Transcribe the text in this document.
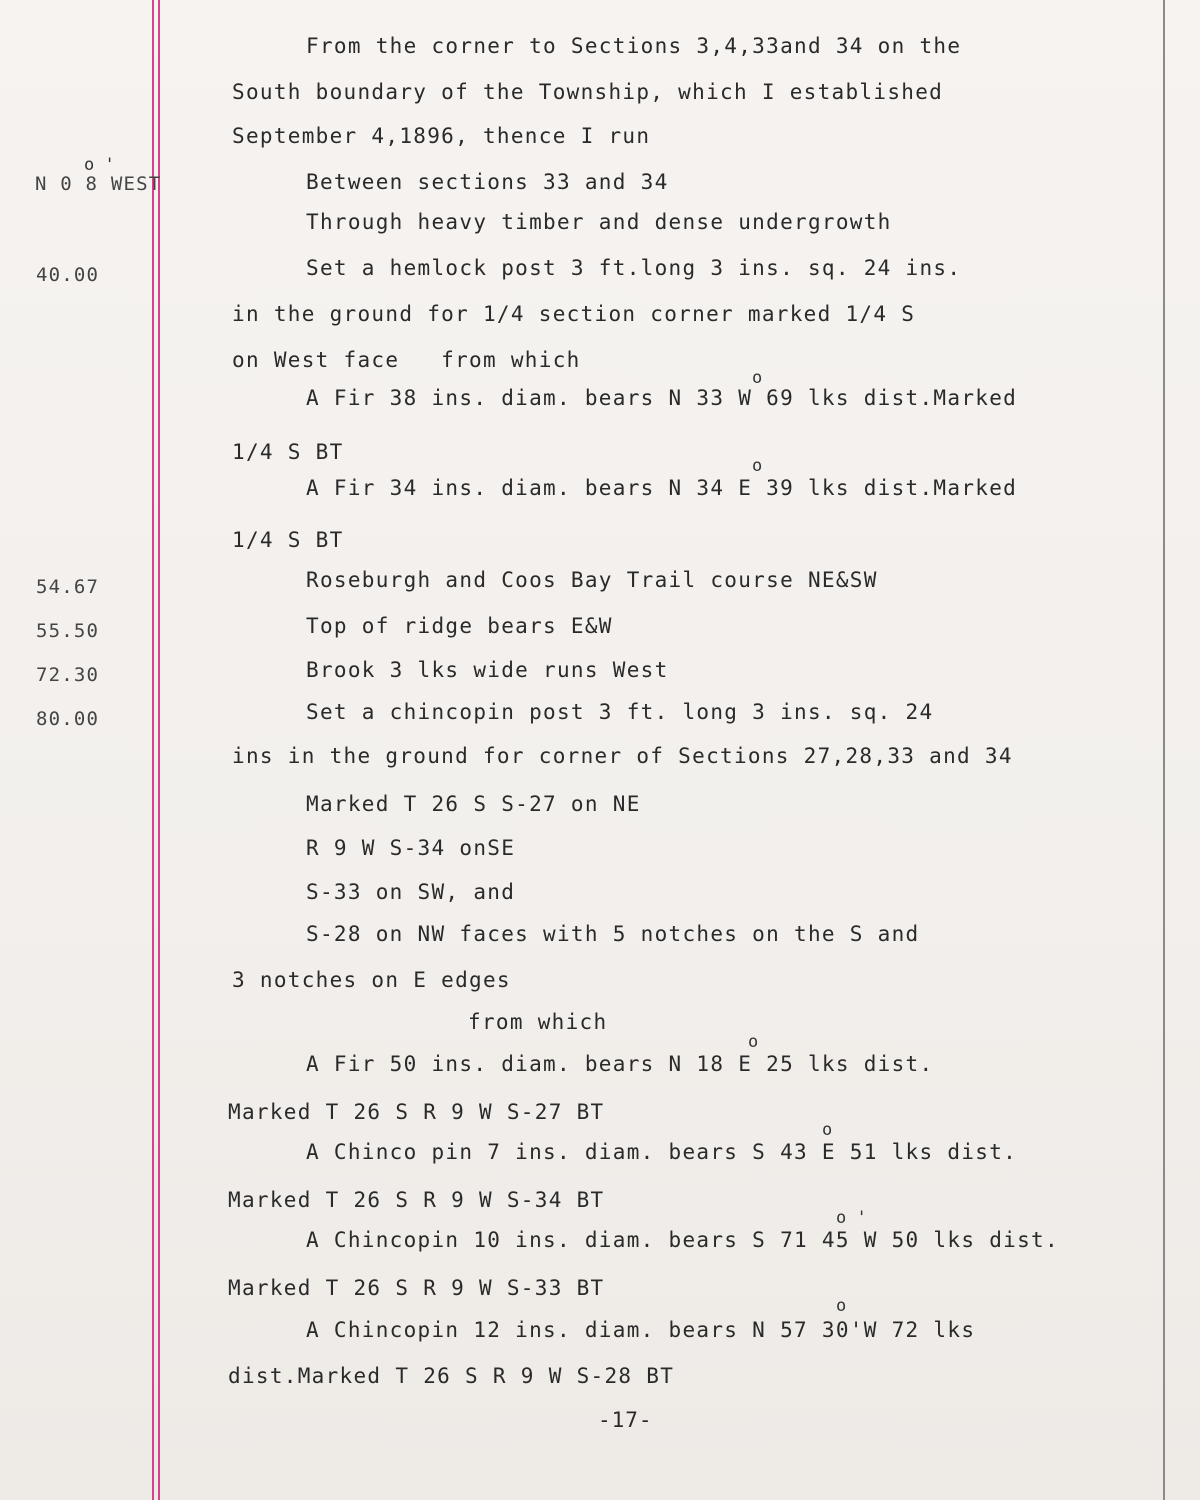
N 0 8 WEST
o '
40.00
54.67
55.50
72.30
80.00
From the corner to Sections 3,4,33and 34 on the
South boundary of the Township, which I established
September 4,1896, thence I run
Between sections 33 and 34
Through heavy timber and dense undergrowth
Set a hemlock post 3 ft.long 3 ins. sq. 24 ins.
in the ground for 1/4 section corner marked 1/4 S
on West face   from which
o
A Fir 38 ins. diam. bears N 33 W 69 lks dist.Marked
1/4 S BT
o
A Fir 34 ins. diam. bears N 34 E 39 lks dist.Marked
1/4 S BT
Roseburgh and Coos Bay Trail course NE&SW
Top of ridge bears E&W
Brook 3 lks wide runs West
Set a chincopin post 3 ft. long 3 ins. sq. 24
ins in the ground for corner of Sections 27,28,33 and 34
Marked T 26 S S-27 on NE
R 9 W S-34 onSE
S-33 on SW, and
S-28 on NW faces with 5 notches on the S and
3 notches on E edges
from which
o
A Fir 50 ins. diam. bears N 18 E 25 lks dist.
Marked T 26 S R 9 W S-27 BT
o
A Chinco pin 7 ins. diam. bears S 43 E 51 lks dist.
Marked T 26 S R 9 W S-34 BT
o '
A Chincopin 10 ins. diam. bears S 71 45 W 50 lks dist.
Marked T 26 S R 9 W S-33 BT
o
A Chincopin 12 ins. diam. bears N 57 30'W 72 lks
dist.Marked T 26 S R 9 W S-28 BT
-17-
